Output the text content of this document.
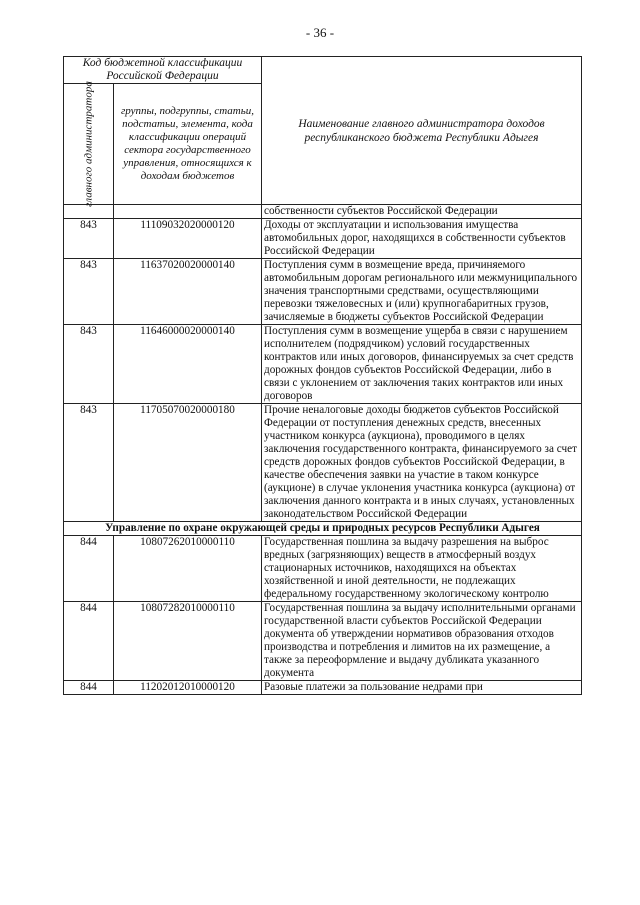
- 36 -
Код бюджетной классификации Российской Федерации		Наименование главного администратора доходов республиканского бюджета Республики Адыгея

главного администратора	группы, подгруппы, статьи, подстатьи, элемента, кода классификации операций сектора государственного управления, относящихся к доходам бюджетов	
		собственности субъектов Российской Федерации
843	11109032020000120	Доходы от эксплуатации и использования имущества автомобильных дорог, находящихся в собственности субъектов Российской Федерации
843	11637020020000140	Поступления сумм в возмещение вреда, причиняемого автомобильным дорогам регионального или межмуниципального значения транспортными средствами, осуществляющими перевозки тяжеловесных и (или) крупногабаритных грузов, зачисляемые в бюджеты субъектов Российской Федерации
843	11646000020000140	Поступления сумм в возмещение ущерба в связи с нарушением исполнителем (подрядчиком) условий государственных контрактов или иных договоров, финансируемых за счет средств дорожных фондов субъектов Российской Федерации, либо в связи с уклонением от заключения таких контрактов или иных договоров
843	11705070020000180	Прочие неналоговые доходы бюджетов субъектов Российской Федерации от поступления денежных средств, внесенных участником конкурса (аукциона), проводимого в целях заключения государственного контракта, финансируемого за счет средств дорожных фондов субъектов Российской Федерации, в качестве обеспечения заявки на участие в таком конкурсе (аукционе) в случае уклонения участника конкурса (аукциона) от заключения данного контракта и в иных случаях, установленных законодательством Российской Федерации
Управление по охране окружающей среды и природных ресурсов Республики Адыгея		
844	10807262010000110	Государственная пошлина за выдачу разрешения на выброс вредных (загрязняющих) веществ в атмосферный воздух стационарных источников, находящихся на объектах хозяйственной и иной деятельности, не подлежащих федеральному государственному экологическому контролю
844	10807282010000110	Государственная пошлина за выдачу исполнительными органами государственной власти субъектов Российской Федерации документа об утверждении нормативов образования отходов производства и потребления и лимитов на их размещение, а также за переоформление и выдачу дубликата указанного документа
844	11202012010000120	Разовые платежи за пользование недрами при
